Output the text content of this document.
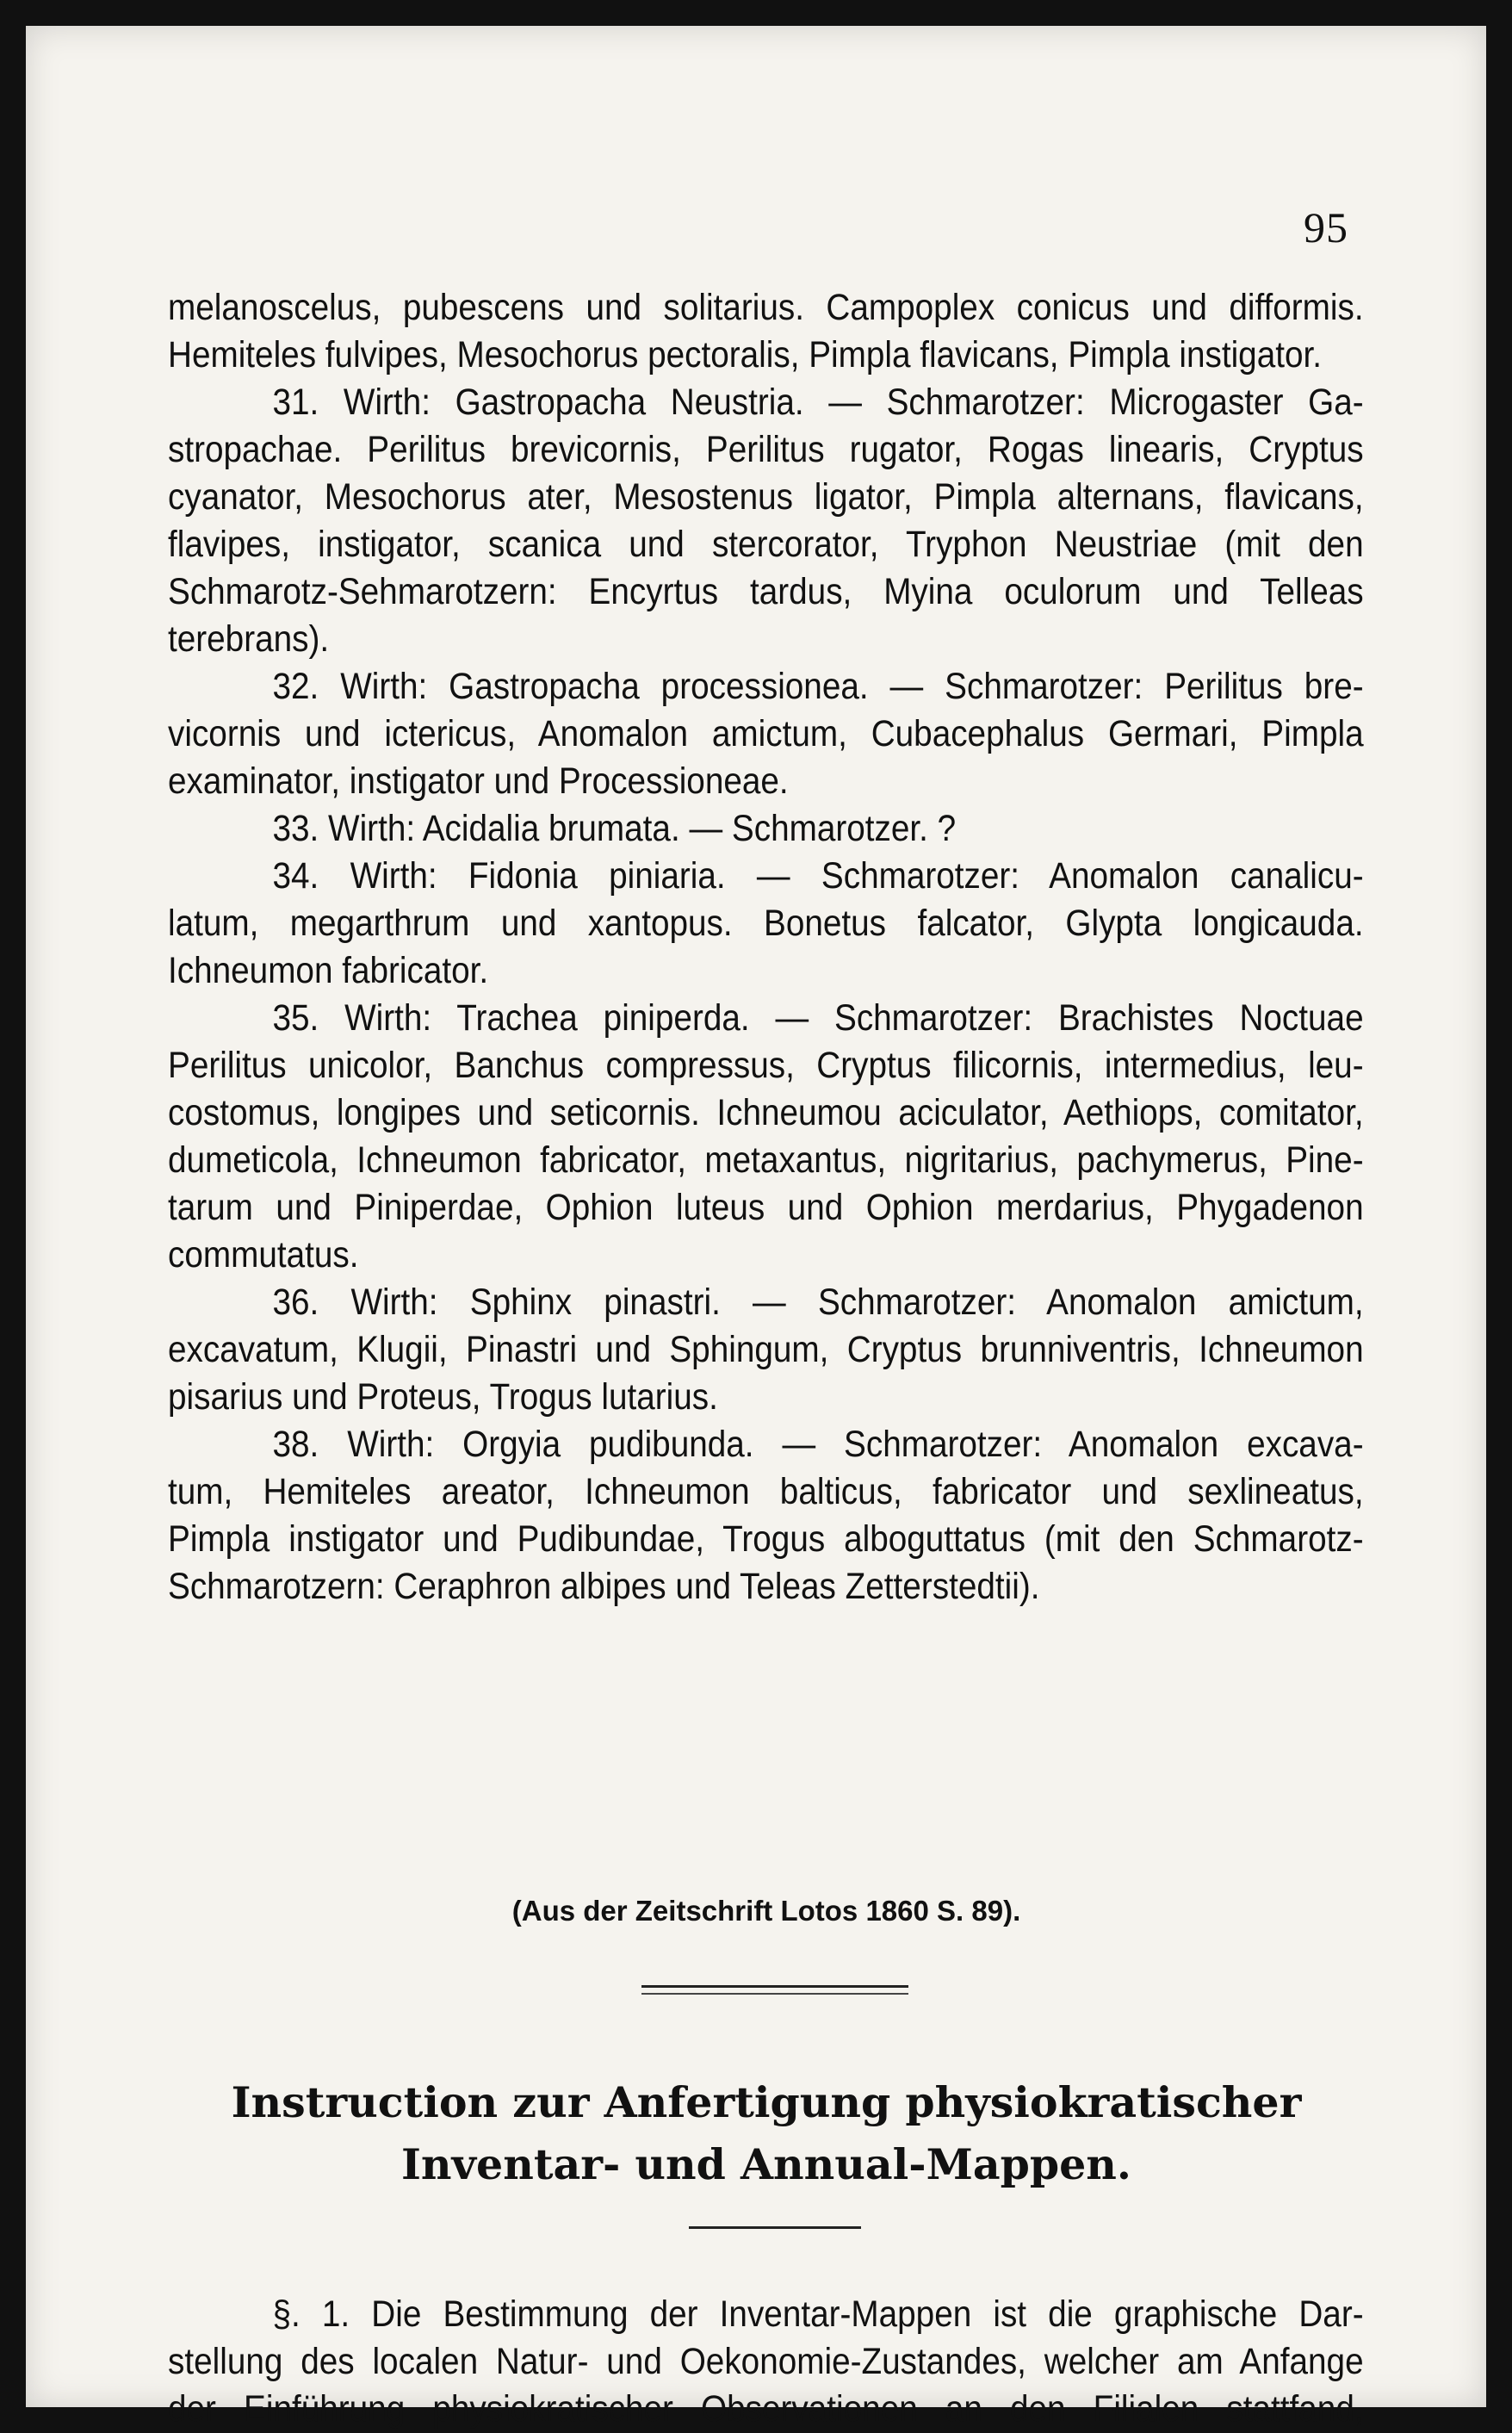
95
melanoscelus, pubescens und solitarius. Campoplex conicus und difformis.
Hemiteles fulvipes, Mesochorus pectoralis, Pimpla flavicans, Pimpla instigator.
31. Wirth: Gastropacha Neustria. — Schmarotzer: Microgaster Ga-
stropachae. Perilitus brevicornis, Perilitus rugator, Rogas linearis, Cryptus
cyanator, Mesochorus ater, Mesostenus ligator, Pimpla alternans, flavicans,
flavipes, instigator, scanica und stercorator, Tryphon Neustriae (mit den
Schmarotz-Sehmarotzern: Encyrtus tardus, Myina oculorum und Telleas
terebrans).
32. Wirth: Gastropacha processionea. — Schmarotzer: Perilitus bre-
vicornis und ictericus, Anomalon amictum, Cubacephalus Germari, Pimpla
examinator, instigator und Processioneae.
33. Wirth: Acidalia brumata. — Schmarotzer. ?
34. Wirth: Fidonia piniaria. — Schmarotzer: Anomalon canalicu-
latum, megarthrum und xantopus. Bonetus falcator, Glypta longicauda.
Ichneumon fabricator.
35. Wirth: Trachea piniperda. — Schmarotzer: Brachistes Noctuae
Perilitus unicolor, Banchus compressus, Cryptus filicornis, intermedius, leu-
costomus, longipes und seticornis. Ichneumou aciculator, Aethiops, comitator,
dumeticola, Ichneumon fabricator, metaxantus, nigritarius, pachymerus, Pine-
tarum und Piniperdae, Ophion luteus und Ophion merdarius, Phygadenon
commutatus.
36. Wirth: Sphinx pinastri. — Schmarotzer: Anomalon amictum,
excavatum, Klugii, Pinastri und Sphingum, Cryptus brunniventris, Ichneumon
pisarius und Proteus, Trogus lutarius.
38. Wirth: Orgyia pudibunda. — Schmarotzer: Anomalon excava-
tum, Hemiteles areator, Ichneumon balticus, fabricator und sexlineatus,
Pimpla instigator und Pudibundae, Trogus alboguttatus (mit den Schmarotz-
Schmarotzern: Ceraphron albipes und Teleas Zetterstedtii).
(Aus der Zeitschrift Lotos 1860 S. 89).
Instruction zur Anfertigung physiokratischer
Inventar- und Annual-Mappen.
§. 1. Die Bestimmung der Inventar-Mappen ist die graphische Dar-
stellung des localen Natur- und Oekonomie-Zustandes, welcher am Anfange
der Einführung physiokratischer Observationen an den Filialen stattfand,
